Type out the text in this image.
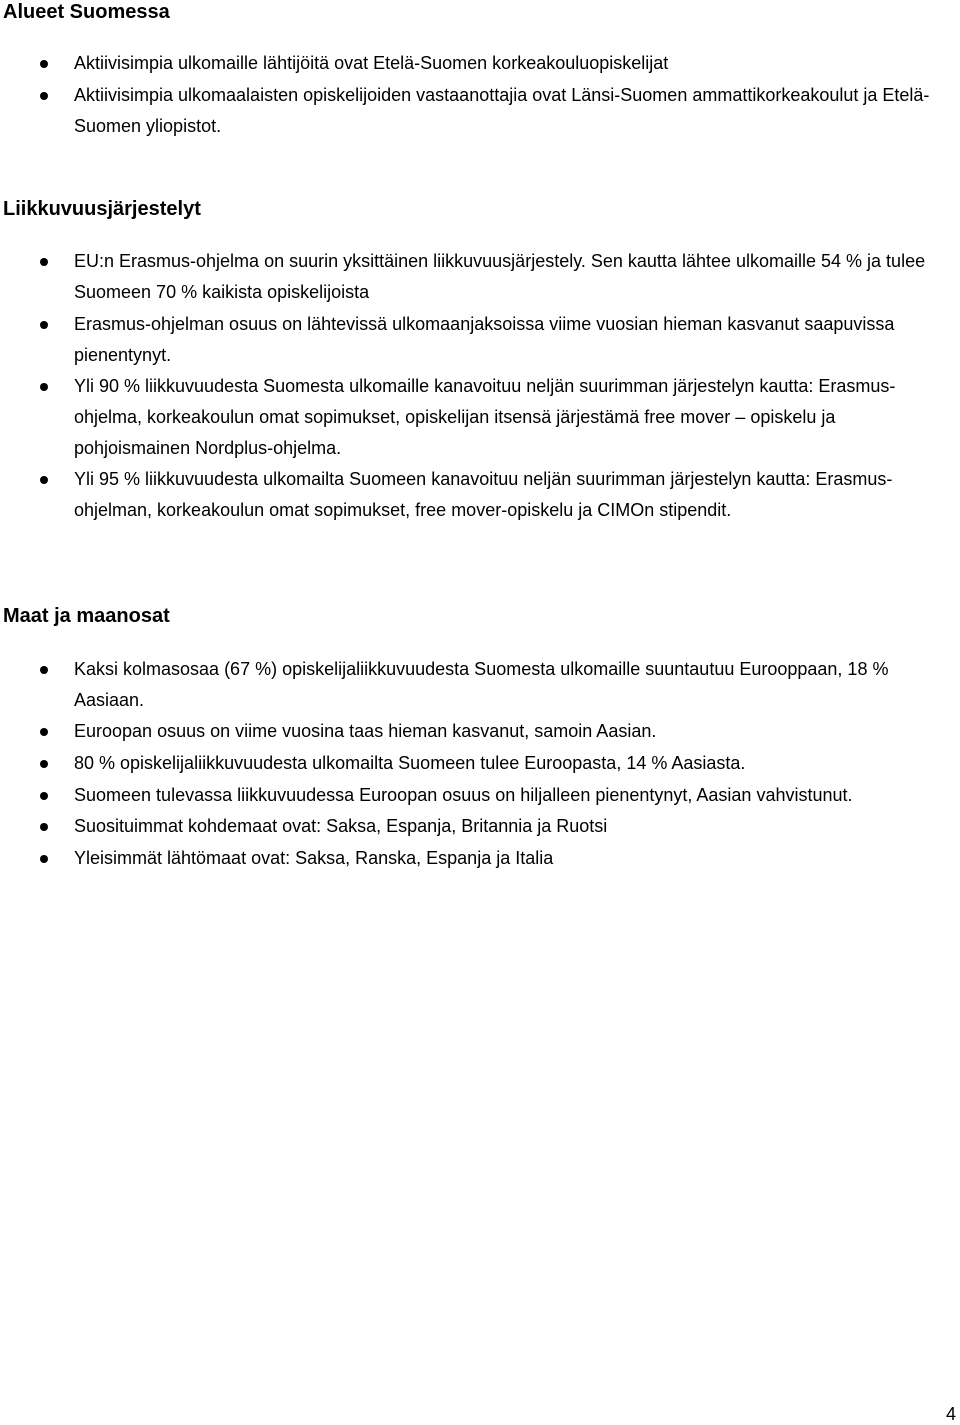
Alueet Suomessa

Aktiivisimpia ulkomaille lähtijöitä ovat Etelä-Suomen korkeakouluopiskelijat

Aktiivisimpia ulkomaalaisten opiskelijoiden vastaanottajia ovat Länsi-Suomen ammattikorkeakoulut ja Etelä-Suomen yliopistot.

Liikkuvuusjärjestelyt

EU:n Erasmus-ohjelma on suurin yksittäinen liikkuvuusjärjestely. Sen kautta lähtee ulkomaille 54 % ja tulee Suomeen 70 % kaikista opiskelijoista

Erasmus-ohjelman osuus on lähtevissä ulkomaanjaksoissa viime vuosian hieman kasvanut saapuvissa pienentynyt.

Yli 90 % liikkuvuudesta Suomesta ulkomaille kanavoituu neljän suurimman järjestelyn kautta: Erasmus-ohjelma, korkeakoulun omat sopimukset, opiskelijan itsensä järjestämä free mover – opiskelu ja pohjoismainen Nordplus-ohjelma.

Yli 95 % liikkuvuudesta ulkomailta Suomeen kanavoituu neljän suurimman järjestelyn kautta: Erasmus-ohjelman, korkeakoulun omat sopimukset, free mover-opiskelu ja CIMOn stipendit.

Maat ja maanosat

Kaksi kolmasosaa (67 %) opiskelijaliikkuvuudesta Suomesta ulkomaille suuntautuu Eurooppaan, 18 % Aasiaan.

Euroopan osuus on viime vuosina taas hieman kasvanut, samoin Aasian.

80 % opiskelijaliikkuvuudesta ulkomailta Suomeen tulee Euroopasta, 14 % Aasiasta.

Suomeen tulevassa liikkuvuudessa Euroopan osuus on hiljalleen pienentynyt, Aasian vahvistunut.

Suosituimmat kohdemaat ovat: Saksa, Espanja, Britannia ja Ruotsi

Yleisimmät lähtömaat ovat: Saksa, Ranska, Espanja ja Italia

4
